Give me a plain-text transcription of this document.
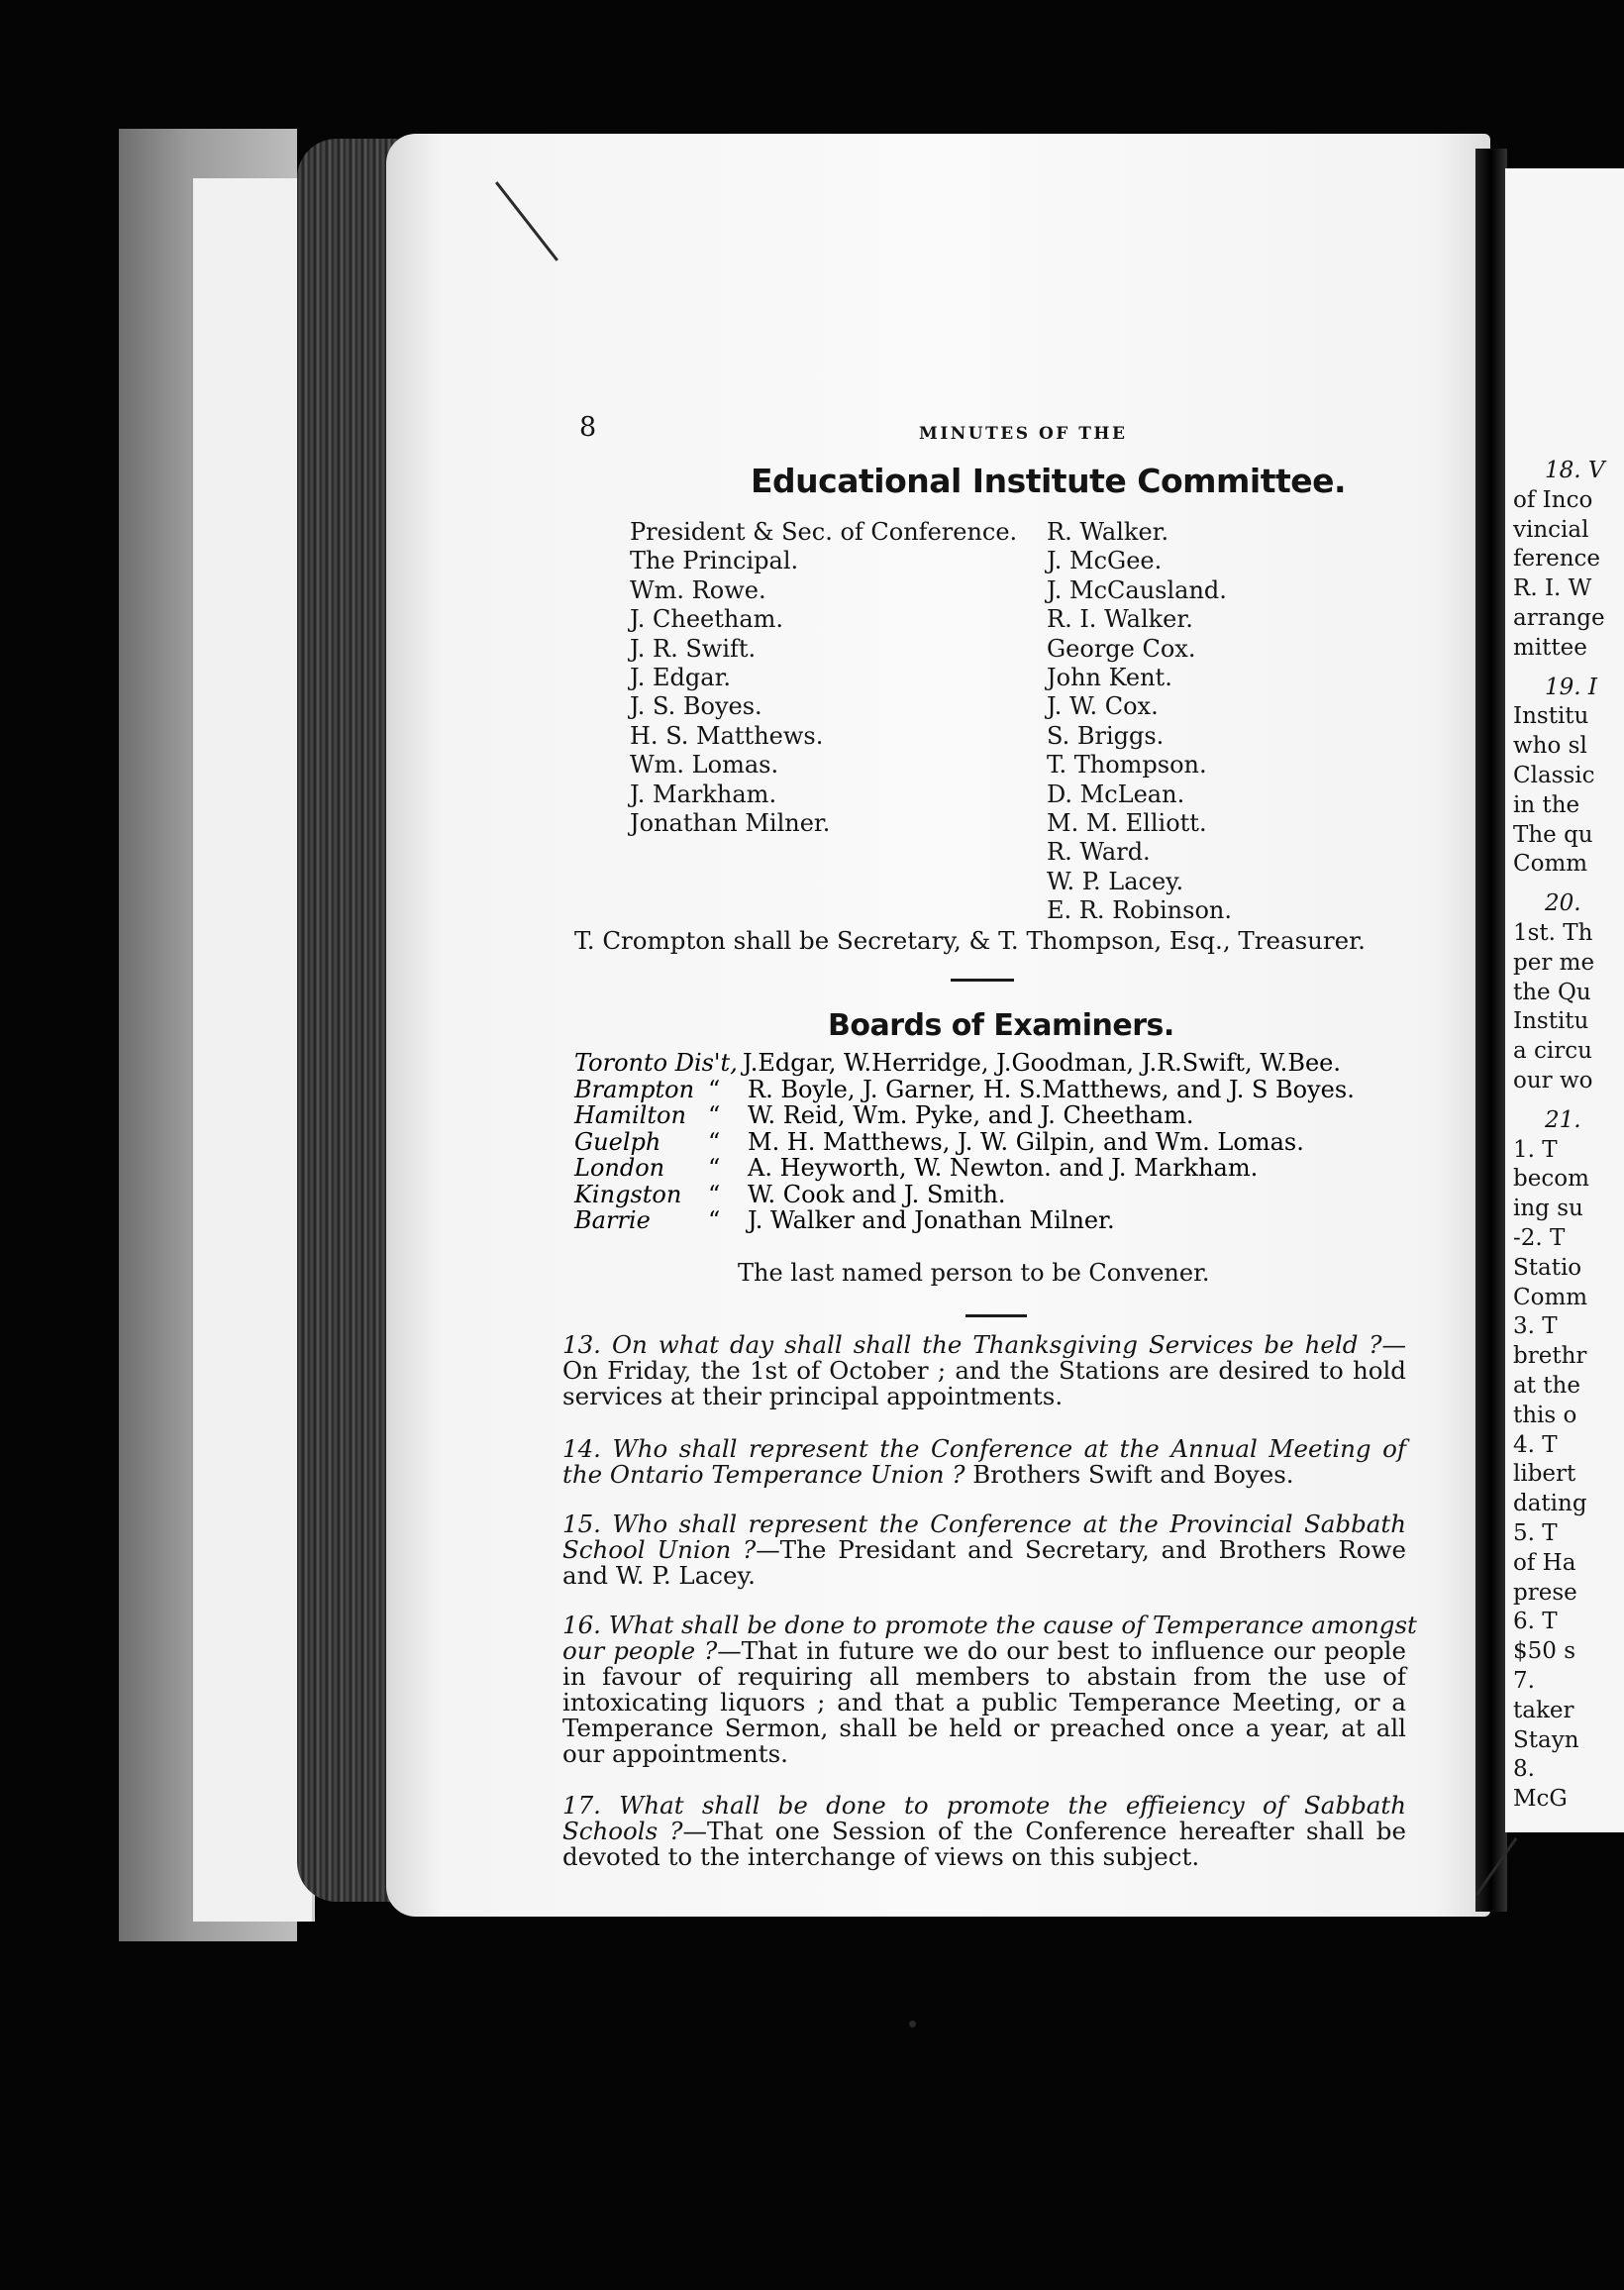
18. V
of Inco
vincial
ference
R. I. W
arrange
mittee
19. I
Institu
who sl
Classic
in the
The qu
Comm
20.
1st. Th
per me
the Qu
Institu
a circu
our wo
21.
1. T
becom
ing su
-2. T
Statio
Comm
3. T
brethr
at the
this o
4. T
libert
dating
5. T
of Ha
prese
6. T
$50 s
7.
taker
Stayn
8.
McG
8	MINUTES OF THE
Educational Institute Committee.
President & Sec. of Conference.
The Principal.
Wm. Rowe.
J. Cheetham.
J. R. Swift.
J. Edgar.
J. S. Boyes.
H. S. Matthews.
Wm. Lomas.
J. Markham.
Jonathan Milner.
R. Walker.
J. McGee.
J. McCausland.
R. I. Walker.
George Cox.
John Kent.
J. W. Cox.
S. Briggs.
T. Thompson.
D. McLean.
M. M. Elliott.
R. Ward.
W. P. Lacey.
E. R. Robinson.
T. Crompton shall be Secretary, & T. Thompson, Esq., Treasurer.
Boards of Examiners.
Toronto Dis't, J.Edgar, W.Herridge, J.Goodman, J.R.Swift, W.Bee.
Brampton “ R. Boyle, J. Garner, H. S.Matthews, and J. S Boyes.
Hamilton “ W. Reid, Wm. Pyke, and J. Cheetham.
Guelph “ M. H. Matthews, J. W. Gilpin, and Wm. Lomas.
London “ A. Heyworth, W. Newton. and J. Markham.
Kingston “ W. Cook and J. Smith.
Barrie “ J. Walker and Jonathan Milner.
The last named person to be Convener.
13. On what day shall shall the Thanksgiving Services be held ?—
On Friday, the 1st of October ; and the Stations are desired to hold
services at their principal appointments.
14. Who shall represent the Conference at the Annual Meeting of
the Ontario Temperance Union ? Brothers Swift and Boyes.
15. Who shall represent the Conference at the Provincial Sabbath
School Union ?—The Presidant and Secretary, and Brothers Rowe
and W. P. Lacey.
16. What shall be done to promote the cause of Temperance amongst
our people ?—That in future we do our best to influence our people
in favour of requiring all members to abstain from the use of
intoxicating liquors ; and that a public Temperance Meeting, or a
Temperance Sermon, shall be held or preached once a year, at all
our appointments.
17. What shall be done to promote the effieiency of Sabbath
Schools ?—That one Session of the Conference hereafter shall be
devoted to the interchange of views on this subject.
